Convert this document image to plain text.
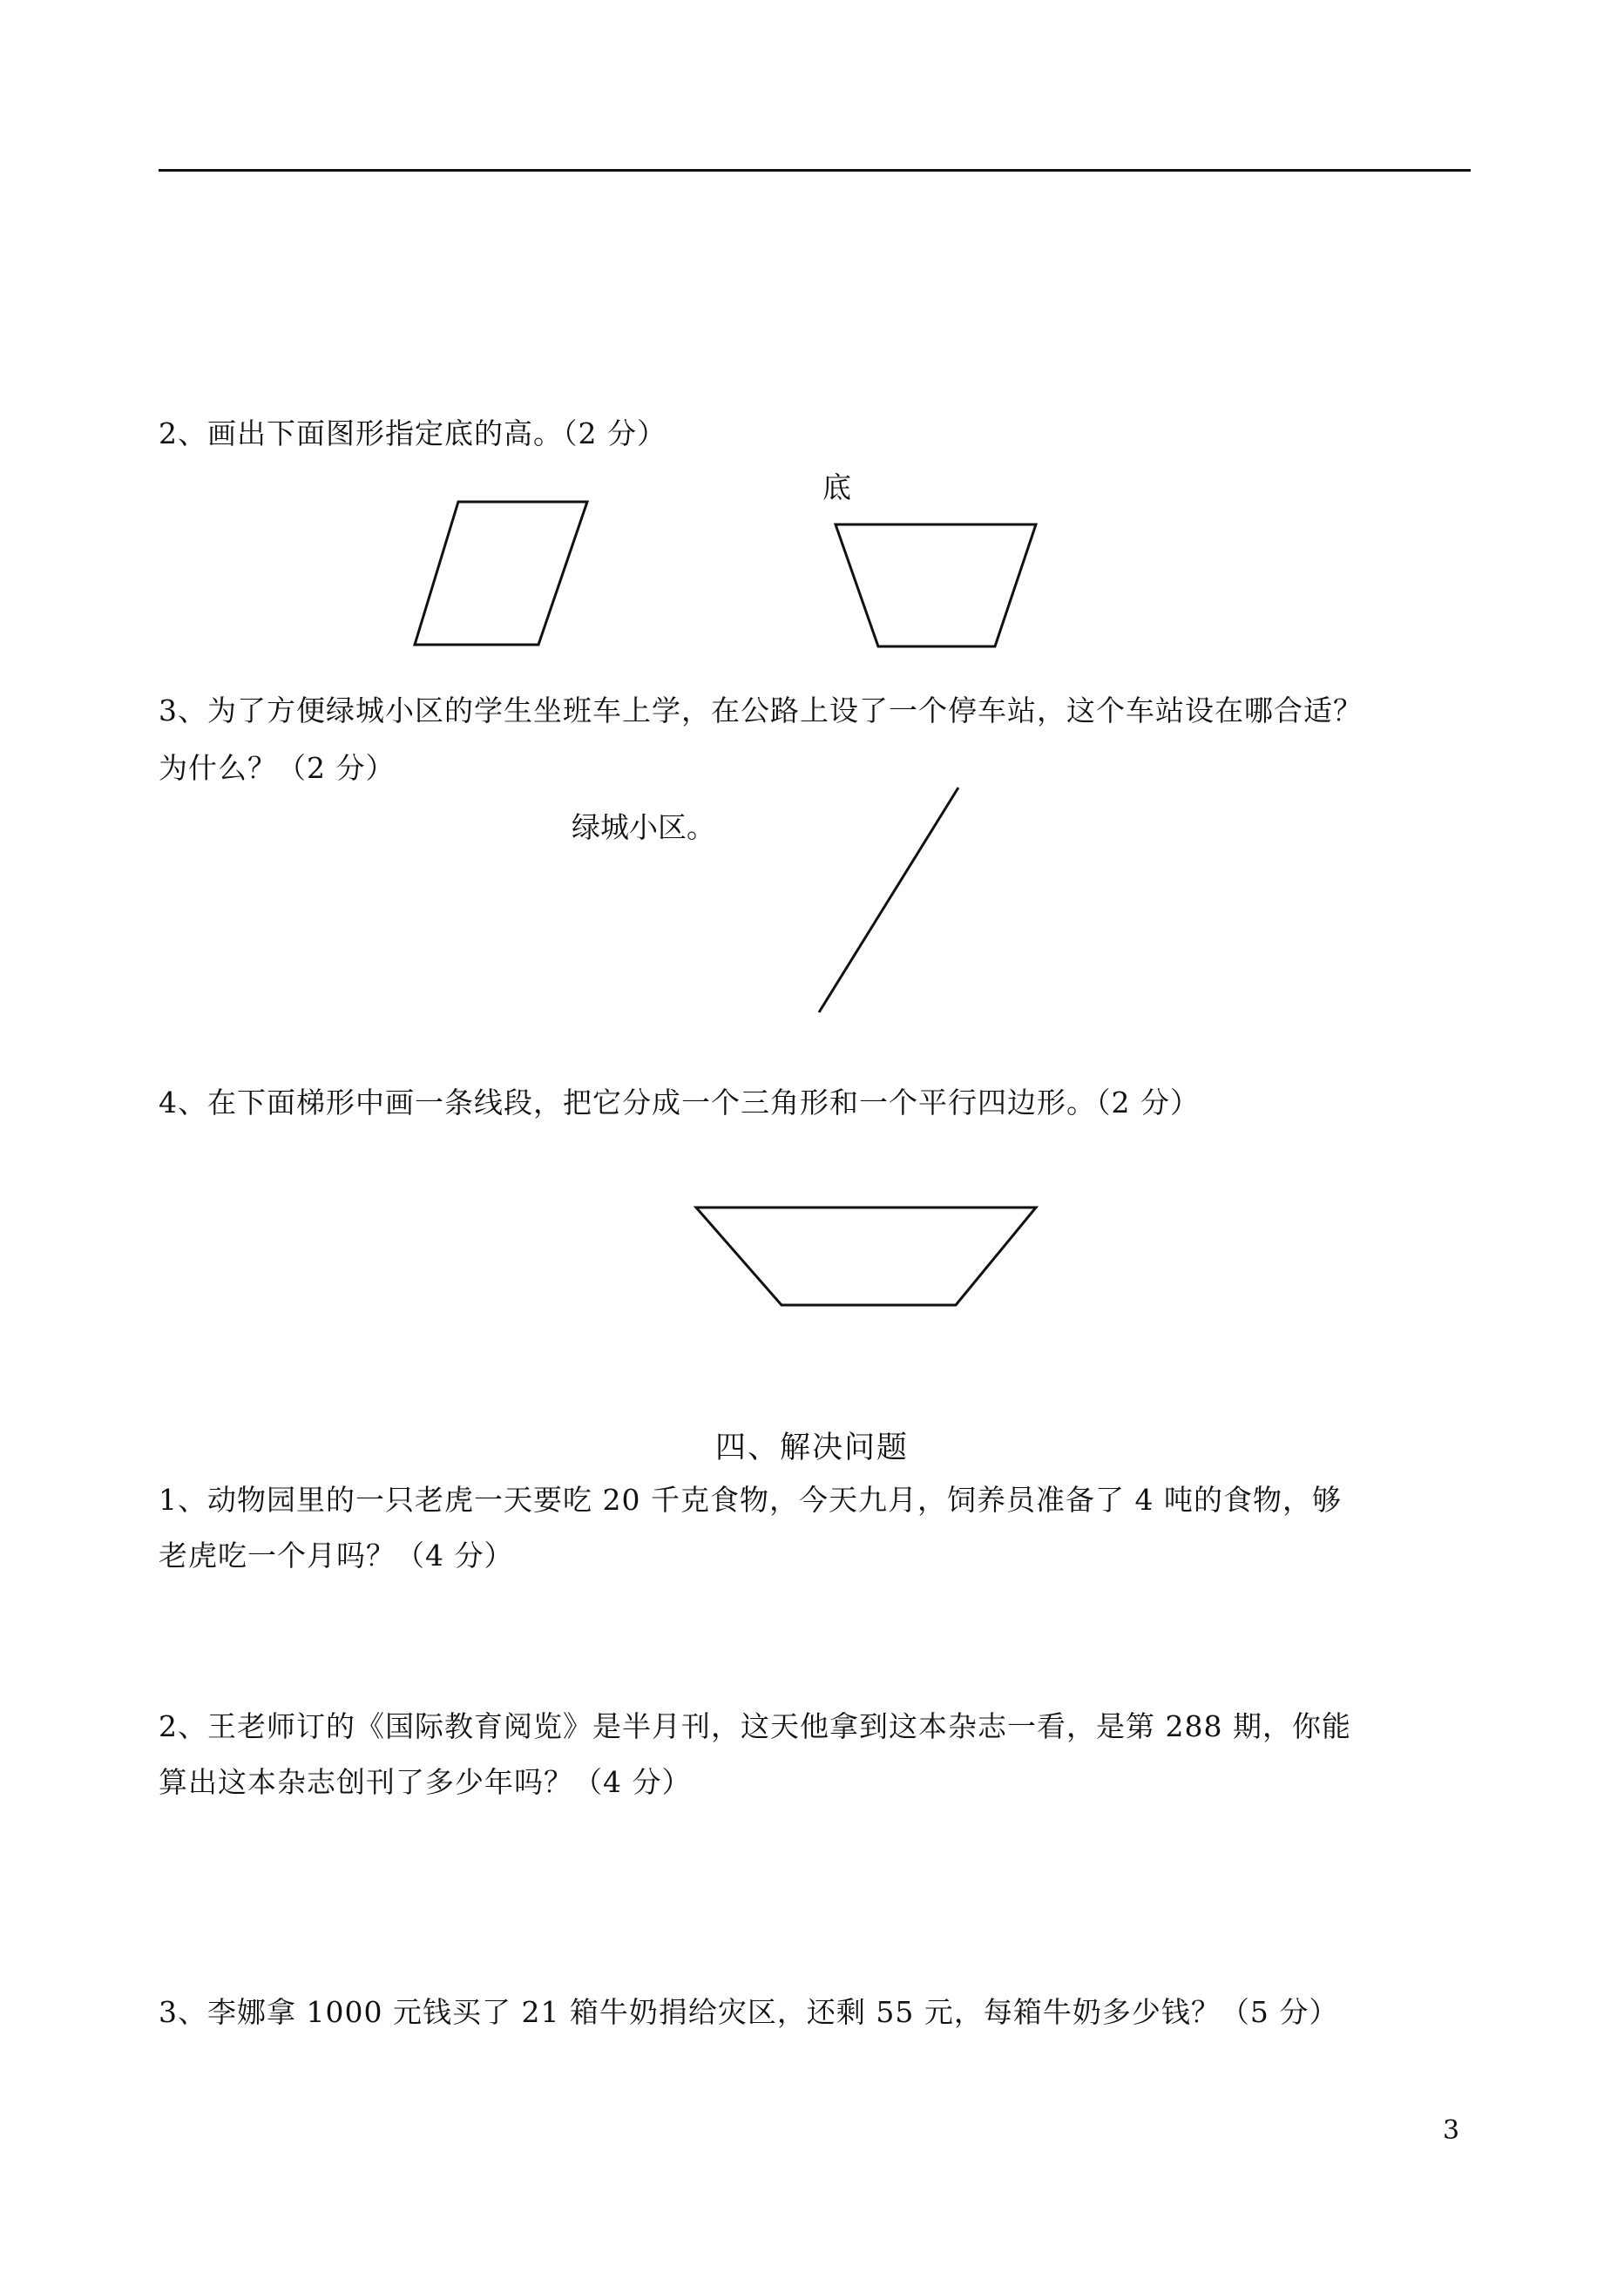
2、画出下面图形指定底的高。（2 分）
底
3、为了方便绿城小区的学生坐班车上学，在公路上设了一个停车站，这个车站设在哪合适？
为什么？（2 分）
绿城小区。
4、在下面梯形中画一条线段，把它分成一个三角形和一个平行四边形。（2 分）
四、解决问题
1、动物园里的一只老虎一天要吃 20 千克食物，今天九月，饲养员准备了 4 吨的食物，够
老虎吃一个月吗？（4 分）
2、王老师订的《国际教育阅览》是半月刊，这天他拿到这本杂志一看，是第 288 期，你能
算出这本杂志创刊了多少年吗？（4 分）
3、李娜拿 1000 元钱买了 21 箱牛奶捐给灾区，还剩 55 元，每箱牛奶多少钱？（5 分）
3
